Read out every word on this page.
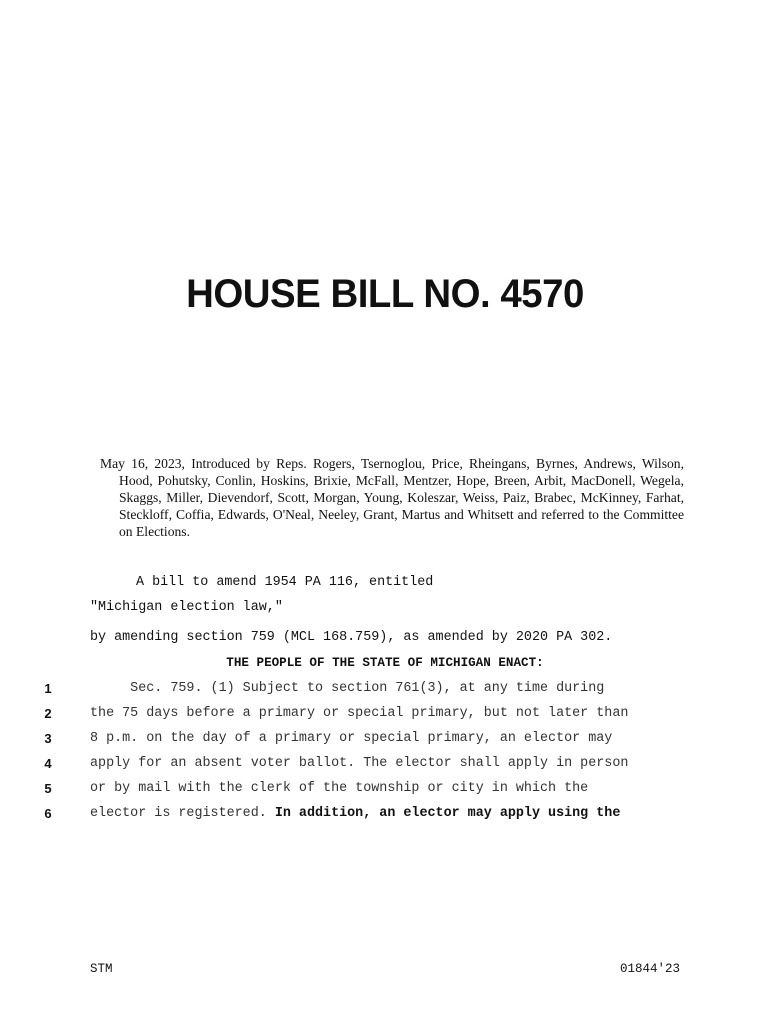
HOUSE BILL NO. 4570

May 16, 2023, Introduced by Reps. Rogers, Tsernoglou, Price, Rheingans, Byrnes, Andrews, Wilson, Hood, Pohutsky, Conlin, Hoskins, Brixie, McFall, Mentzer, Hope, Breen, Arbit, MacDonell, Wegela, Skaggs, Miller, Dievendorf, Scott, Morgan, Young, Koleszar, Weiss, Paiz, Brabec, McKinney, Farhat, Steckloff, Coffia, Edwards, O'Neal, Neeley, Grant, Martus and Whitsett and referred to the Committee on Elections.

A bill to amend 1954 PA 116, entitled

"Michigan election law,"

by amending section 759 (MCL 168.759), as amended by 2020 PA 302.

THE PEOPLE OF THE STATE OF MICHIGAN ENACT:

1	Sec. 759. (1) Subject to section 761(3), at any time during
2	the 75 days before a primary or special primary, but not later than
3	8 p.m. on the day of a primary or special primary, an elector may
4	apply for an absent voter ballot. The elector shall apply in person
5	or by mail with the clerk of the township or city in which the
6	elector is registered. In addition, an elector may apply using the
STM	01844'23
